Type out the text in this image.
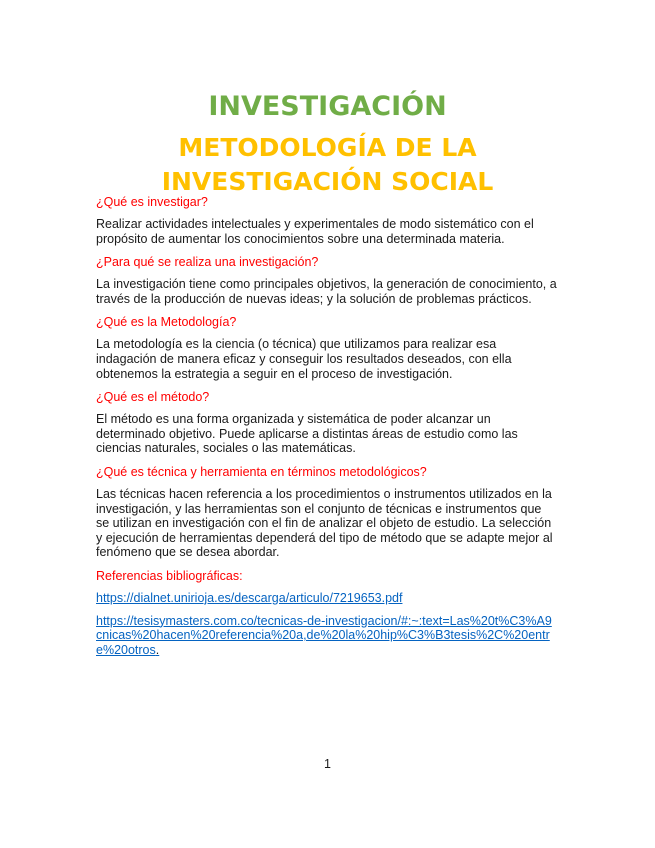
INVESTIGACIÓN
METODOLOGÍA DE LA INVESTIGACIÓN SOCIAL

¿Qué es investigar?

Realizar actividades intelectuales y experimentales de modo sistemático con el propósito de aumentar los conocimientos sobre una determinada materia.

¿Para qué se realiza una investigación?

La investigación tiene como principales objetivos, la generación de conocimiento, a través de la producción de nuevas ideas; y la solución de problemas prácticos.

¿Qué es la Metodología?

La metodología es la ciencia (o técnica) que utilizamos para realizar esa indagación de manera eficaz y conseguir los resultados deseados, con ella obtenemos la estrategia a seguir en el proceso de investigación.

¿Qué es el método?

El método es una forma organizada y sistemática de poder alcanzar un determinado objetivo. Puede aplicarse a distintas áreas de estudio como las ciencias naturales, sociales o las matemáticas.

¿Qué es técnica y herramienta en términos metodológicos?

Las técnicas hacen referencia a los procedimientos o instrumentos utilizados en la investigación, y las herramientas son el conjunto de técnicas e instrumentos que se utilizan en investigación con el fin de analizar el objeto de estudio. La selección y ejecución de herramientas dependerá del tipo de método que se adapte mejor al fenómeno que se desea abordar.

Referencias bibliográficas:

https://dialnet.unirioja.es/descarga/articulo/7219653.pdf
https://tesisymasters.com.co/tecnicas-de-investigacion/#:~:text=Las%20t%C3%A9cnicas%20hacen%20referencia%20a,de%20la%20hip%C3%B3tesis%2C%20entre%20otros.
1
